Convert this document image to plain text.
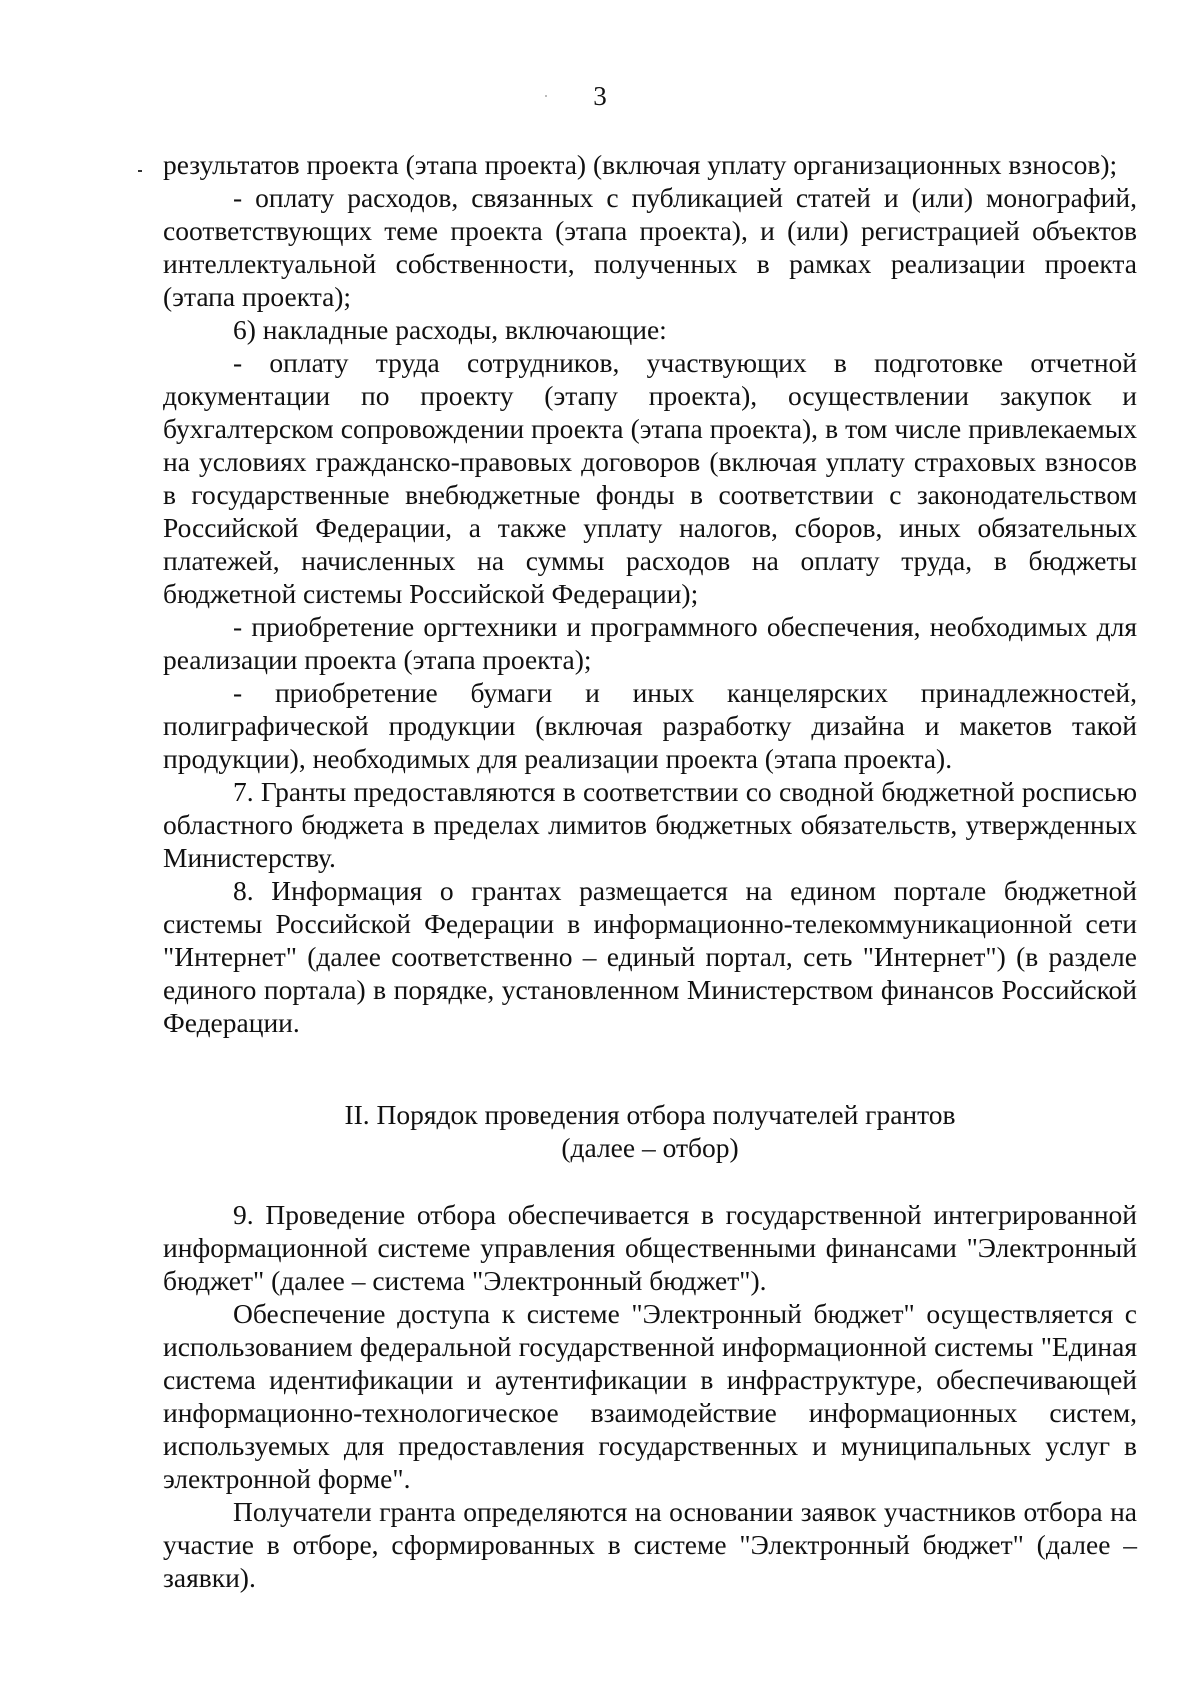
3

результатов проекта (этапа проекта) (включая уплату организационных взносов);

- оплату расходов, связанных с публикацией статей и (или) монографий, соответствующих теме проекта (этапа проекта), и (или) регистрацией объектов интеллектуальной собственности, полученных в рамках реализации проекта (этапа проекта);

6) накладные расходы, включающие:

- оплату труда сотрудников, участвующих в подготовке отчетной документации по проекту (этапу проекта), осуществлении закупок и бухгалтерском сопровождении проекта (этапа проекта), в том числе привлекаемых на условиях гражданско-правовых договоров (включая уплату страховых взносов в государственные внебюджетные фонды в соответствии с законодательством Российской Федерации, а также уплату налогов, сборов, иных обязательных платежей, начисленных на суммы расходов на оплату труда, в бюджеты бюджетной системы Российской Федерации);

- приобретение оргтехники и программного обеспечения, необходимых для реализации проекта (этапа проекта);

- приобретение бумаги и иных канцелярских принадлежностей, полиграфической продукции (включая разработку дизайна и макетов такой продукции), необходимых для реализации проекта (этапа проекта).

7. Гранты предоставляются в соответствии со сводной бюджетной росписью областного бюджета в пределах лимитов бюджетных обязательств, утвержденных Министерству.

8. Информация о грантах размещается на едином портале бюджетной системы Российской Федерации в информационно-телекоммуникационной сети "Интернет" (далее соответственно – единый портал, сеть "Интернет") (в разделе единого портала) в порядке, установленном Министерством финансов Российской Федерации.

II. Порядок проведения отбора получателей грантов
(далее – отбор)

9. Проведение отбора обеспечивается в государственной интегрированной информационной системе управления общественными финансами "Электронный бюджет" (далее – система "Электронный бюджет").

Обеспечение доступа к системе "Электронный бюджет" осуществляется с использованием федеральной государственной информационной системы "Единая система идентификации и аутентификации в инфраструктуре, обеспечивающей информационно-технологическое взаимодействие информационных систем, используемых для предоставления государственных и муниципальных услуг в электронной форме".

Получатели гранта определяются на основании заявок участников отбора на участие в отборе, сформированных в системе "Электронный бюджет" (далее – заявки).
